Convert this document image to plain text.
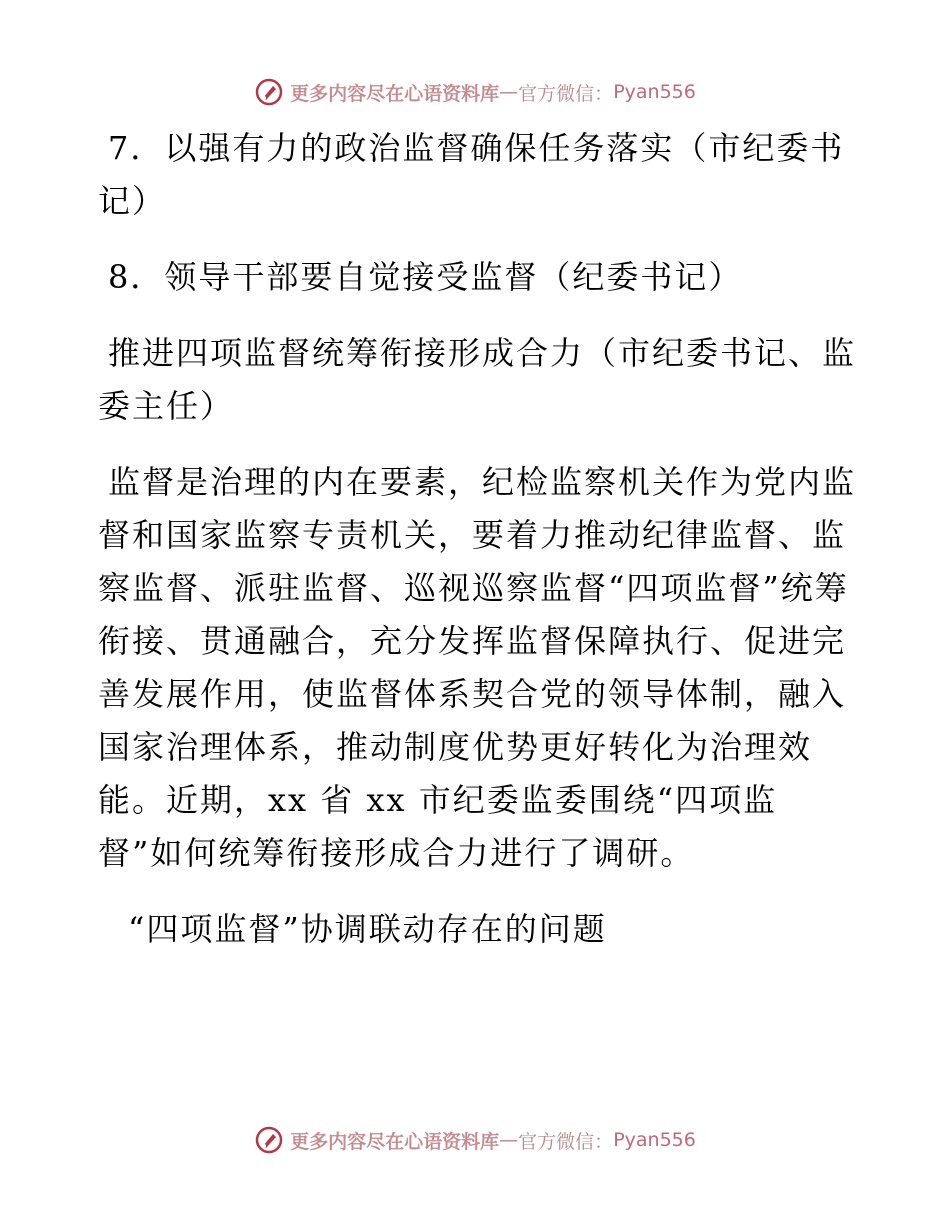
更多内容尽在心语资料库 — 官方微信： Pyan556

7．以强有力的政治监督确保任务落实（市纪委书记）

8．领导干部要自觉接受监督（纪委书记）

推进四项监督统筹衔接形成合力（市纪委书记、监委主任）

监督是治理的内在要素，纪检监察机关作为党内监督和国家监察专责机关，要着力推动纪律监督、监察监督、派驻监督、巡视巡察监督“四项监督”统筹衔接、贯通融合，充分发挥监督保障执行、促进完善发展作用，使监督体系契合党的领导体制，融入国家治理体系，推动制度优势更好转化为治理效能。近期，xx 省 xx 市纪委监委围绕“四项监督”如何统筹衔接形成合力进行了调研。

“四项监督”协调联动存在的问题

更多内容尽在心语资料库 — 官方微信： Pyan556
